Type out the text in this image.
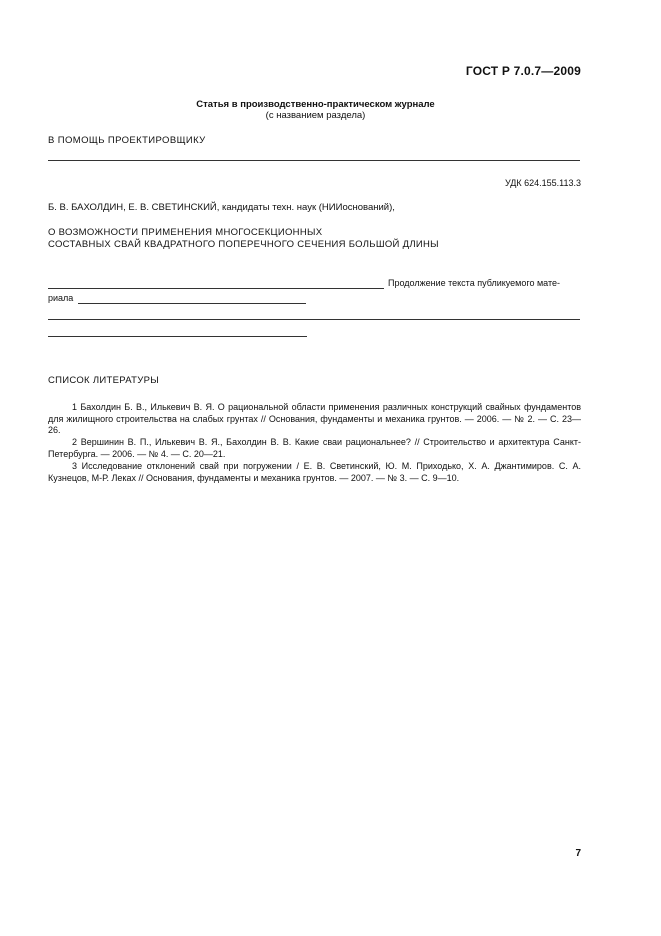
ГОСТ Р 7.0.7—2009
Статья в производственно-практическом журнале
(с названием раздела)
В ПОМОЩЬ ПРОЕКТИРОВЩИКУ
УДК 624.155.113.3
Б. В. БАХОЛДИН, Е. В. СВЕТИНСКИЙ, кандидаты техн. наук (НИИоснований),
О ВОЗМОЖНОСТИ ПРИМЕНЕНИЯ МНОГОСЕКЦИОННЫХ
СОСТАВНЫХ СВАЙ КВАДРАТНОГО ПОПЕРЕЧНОГО СЕЧЕНИЯ БОЛЬШОЙ ДЛИНЫ
Продолжение текста публикуемого мате-
риала
СПИСОК ЛИТЕРАТУРЫ
1 Бахолдин Б. В., Илькевич В. Я. О рациональной области применения различных конструкций свайных фундаментов для жилищного строительства на слабых грунтах // Основания, фундаменты и механика грунтов. — 2006. — № 2. — С. 23—26.
2 Вершинин В. П., Илькевич В. Я., Бахолдин В. В. Какие сваи рациональнее? // Строительство и архитектура Санкт-Петербурга. — 2006. — № 4. — С. 20—21.
3 Исследование отклонений свай при погружении / Е. В. Светинский, Ю. М. Приходько, Х. А. Джантимиров. С. А. Кузнецов, М-Р. Лекаx // Основания, фундаменты и механика грунтов. — 2007. — № 3. — С. 9—10.
7
